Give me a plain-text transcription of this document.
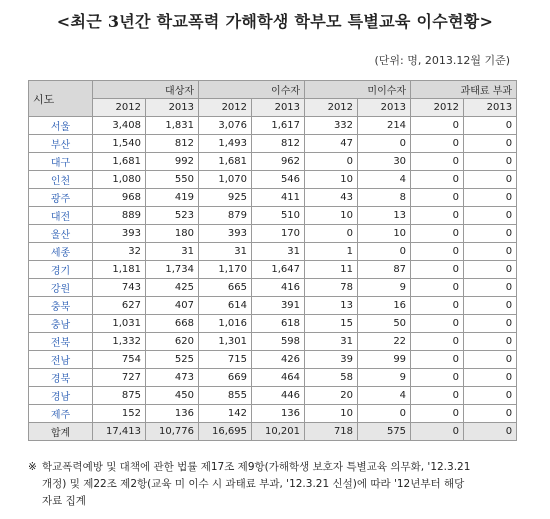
<최근 3년간 학교폭력 가해학생 학부모 특별교육 이수현황>
(단위: 명, 2013.12월 기준)
시도	대상자		이수자		미이수자		과태료 부과	
	2012	2013	2012	2013	2012	2013	2012	2013
서울	3,408	1,831	3,076	1,617	332	214	0	0
부산	1,540	812	1,493	812	47	0	0	0
대구	1,681	992	1,681	962	0	30	0	0
인천	1,080	550	1,070	546	10	4	0	0
광주	968	419	925	411	43	8	0	0
대전	889	523	879	510	10	13	0	0
울산	393	180	393	170	0	10	0	0
세종	32	31	31	31	1	0	0	0
경기	1,181	1,734	1,170	1,647	11	87	0	0
강원	743	425	665	416	78	9	0	0
충북	627	407	614	391	13	16	0	0
충남	1,031	668	1,016	618	15	50	0	0
전북	1,332	620	1,301	598	31	22	0	0
전남	754	525	715	426	39	99	0	0
경북	727	473	669	464	58	9	0	0
경남	875	450	855	446	20	4	0	0
제주	152	136	142	136	10	0	0	0
합계	17,413	10,776	16,695	10,201	718	575	0	0
※ 학교폭력예방 및 대책에 관한 법률 제17조 제9항(가해학생 보호자 특별교육 의무화, '12.3.21
개정) 및 제22조 제2항(교육 미 이수 시 과태료 부과, '12.3.21 신설)에 따라 '12년부터 해당
자료 집계
